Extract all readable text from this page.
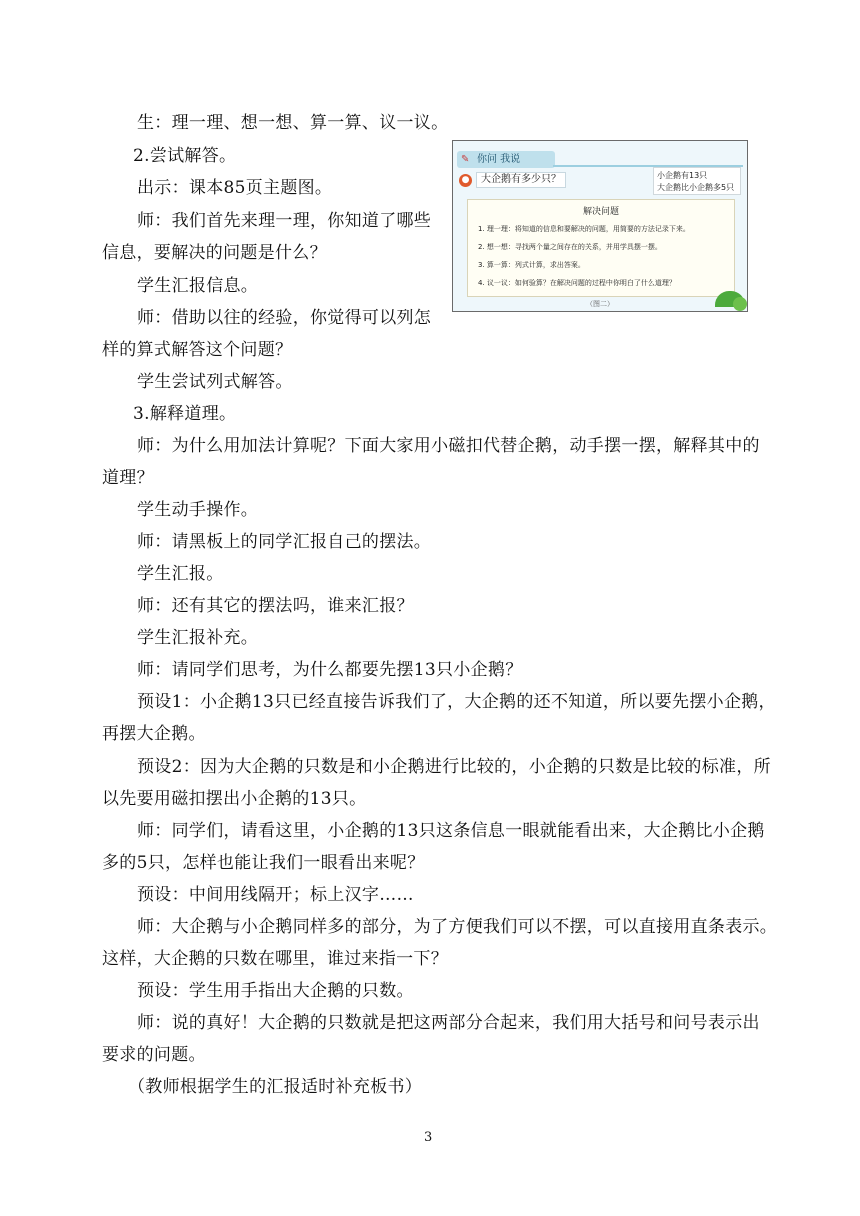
生：理一理、想一想、算一算、议一议。
2.尝试解答。
出示：课本85页主题图。
师：我们首先来理一理，你知道了哪些
信息，要解决的问题是什么？
学生汇报信息。
师：借助以往的经验，你觉得可以列怎
样的算式解答这个问题？
学生尝试列式解答。
3.解释道理。
师：为什么用加法计算呢？下面大家用小磁扣代替企鹅，动手摆一摆，解释其中的
道理？
学生动手操作。
师：请黑板上的同学汇报自己的摆法。
学生汇报。
师：还有其它的摆法吗，谁来汇报？
学生汇报补充。
师：请同学们思考，为什么都要先摆13只小企鹅？
预设1：小企鹅13只已经直接告诉我们了，大企鹅的还不知道，所以要先摆小企鹅，
再摆大企鹅。
预设2：因为大企鹅的只数是和小企鹅进行比较的，小企鹅的只数是比较的标准，所
以先要用磁扣摆出小企鹅的13只。
师：同学们，请看这里，小企鹅的13只这条信息一眼就能看出来，大企鹅比小企鹅
多的5只，怎样也能让我们一眼看出来呢？
预设：中间用线隔开；标上汉字……
师：大企鹅与小企鹅同样多的部分，为了方便我们可以不摆，可以直接用直条表示。
这样，大企鹅的只数在哪里，谁过来指一下？
预设：学生用手指出大企鹅的只数。
师：说的真好！大企鹅的只数就是把这两部分合起来，我们用大括号和问号表示出
要求的问题。
（教师根据学生的汇报适时补充板书）
✎ 你问 我说
● 大企鹅有多少只？	小企鹅有13只
大企鹅比小企鹅多5只
解决问题
1. 理一理：将知道的信息和要解决的问题，用简要的方法记录下来。
2. 想一想：寻找两个量之间存在的关系，并用学具摆一摆。
3. 算一算：列式计算，求出答案。
4. 议一议：如何验算？在解决问题的过程中你明白了什么道理？
（图二）
3
